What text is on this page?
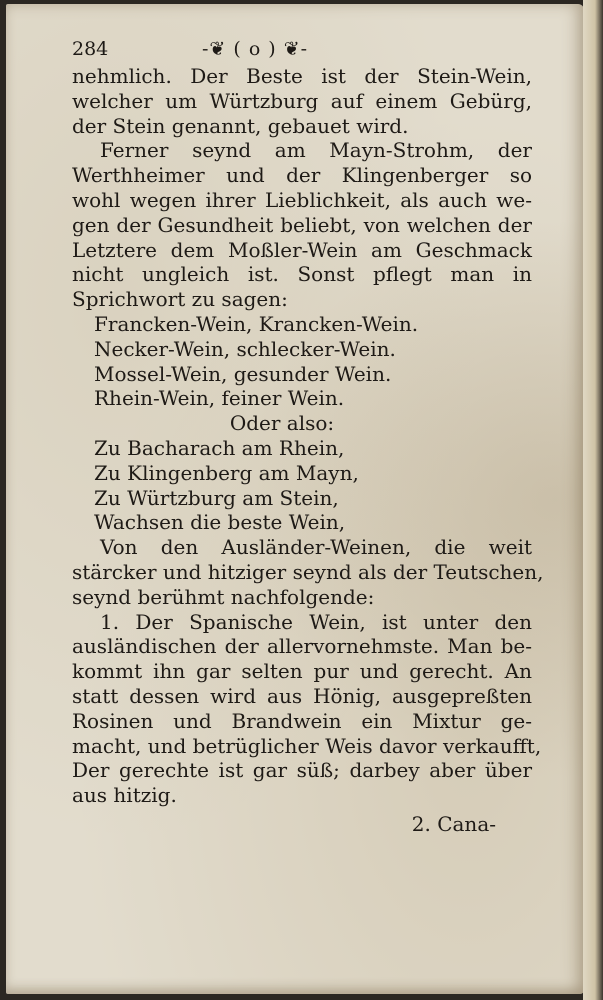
284	-❦ ( o ) ❦-
nehmlich. Der Beste ist der Stein-Wein,
welcher um Würtzburg auf einem Gebürg,
der Stein genannt, gebauet wird.
Ferner seynd am Mayn-Strohm, der
Werthheimer und der Klingenberger so
wohl wegen ihrer Lieblichkeit, als auch we-
gen der Gesundheit beliebt, von welchen der
Letztere dem Moßler-Wein am Geschmack
nicht ungleich ist. Sonst pflegt man in
Sprichwort zu sagen:
Francken-Wein, Krancken-Wein.
Necker-Wein, schlecker-Wein.
Mossel-Wein, gesunder Wein.
Rhein-Wein, feiner Wein.
Oder also:
Zu Bacharach am Rhein,
Zu Klingenberg am Mayn,
Zu Würtzburg am Stein,
Wachsen die beste Wein,
Von den Ausländer-Weinen, die weit
stärcker und hitziger seynd als der Teutschen,
seynd berühmt nachfolgende:
1. Der Spanische Wein, ist unter den
ausländischen der allervornehmste. Man be-
kommt ihn gar selten pur und gerecht. An
statt dessen wird aus Hönig, ausgepreßten
Rosinen und Brandwein ein Mixtur ge-
macht, und betrüglicher Weis davor verkaufft,
Der gerechte ist gar süß; darbey aber über
aus hitzig.
2. Cana-
